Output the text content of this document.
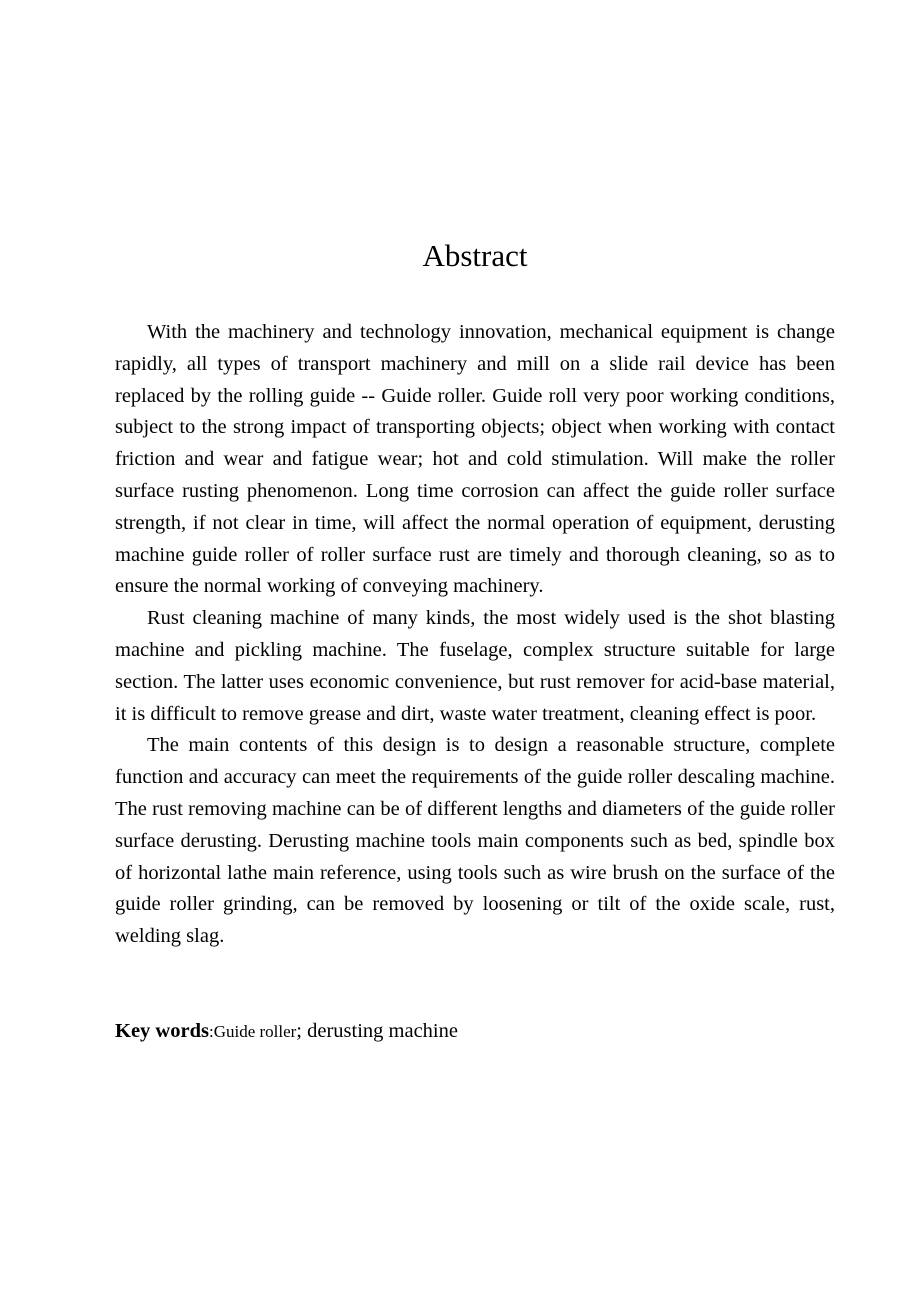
Abstract

With the machinery and technology innovation, mechanical equipment is change rapidly, all types of transport machinery and mill on a slide rail device has been replaced by the rolling guide -- Guide roller. Guide roll very poor working conditions, subject to the strong impact of transporting objects; object when working with contact friction and wear and fatigue wear; hot and cold stimulation. Will make the roller surface rusting phenomenon. Long time corrosion can affect the guide roller surface strength, if not clear in time, will affect the normal operation of equipment, derusting machine guide roller of roller surface rust are timely and thorough cleaning, so as to ensure the normal working of conveying machinery.

Rust cleaning machine of many kinds, the most widely used is the shot blasting machine and pickling machine. The fuselage, complex structure suitable for large section. The latter uses economic convenience, but rust remover for acid-base material, it is difficult to remove grease and dirt, waste water treatment, cleaning effect is poor.

The main contents of this design is to design a reasonable structure, complete function and accuracy can meet the requirements of the guide roller descaling machine. The rust removing machine can be of different lengths and diameters of the guide roller surface derusting. Derusting machine tools main components such as bed, spindle box of horizontal lathe main reference, using tools such as wire brush on the surface of the guide roller grinding, can be removed by loosening or tilt of the oxide scale, rust, welding slag.

Key words:Guide roller; derusting machine
